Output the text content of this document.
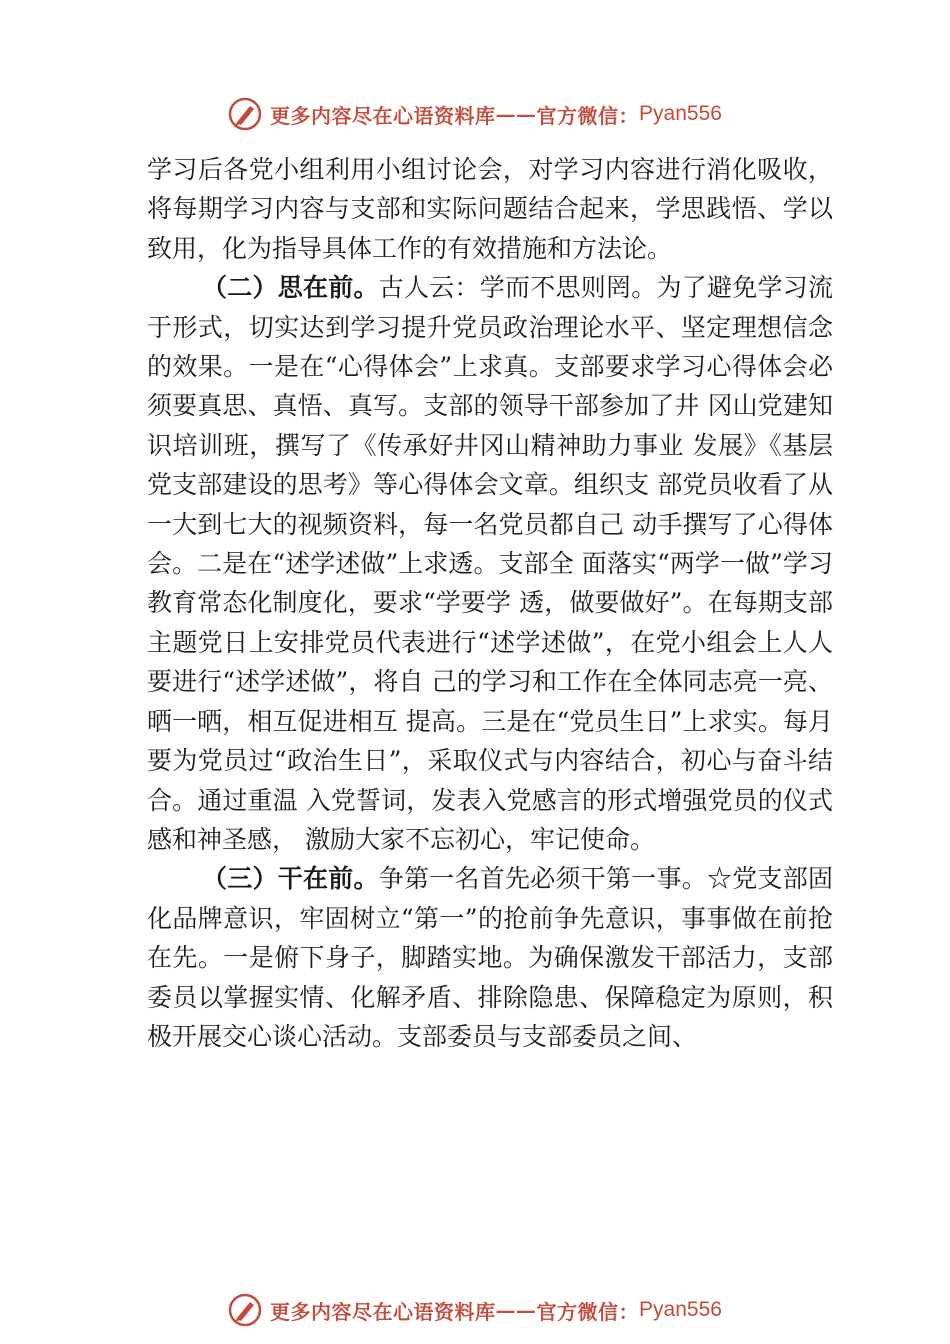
更多内容尽在心语资料库 —— 官方微信： Pyan556

学习后各党小组利用小组讨论会，对学习内容进行消化吸收，将每期学习内容与支部和实际问题结合起来，学思践悟、学以致用，化为指导具体工作的有效措施和方法论。

（二）思在前。古人云：学而不思则罔。为了避免学习流于形式，切实达到学习提升党员政治理论水平、坚定理想信念的效果。一是在“心得体会”上求真。支部要求学习心得体会必须要真思、真悟、真写。支部的领导干部参加了井 冈山党建知识培训班，撰写了《传承好井冈山精神助力事业 发展》《基层党支部建设的思考》等心得体会文章。组织支 部党员收看了从一大到七大的视频资料，每一名党员都自己 动手撰写了心得体会。二是在“述学述做”上求透。支部全 面落实“两学一做”学习教育常态化制度化，要求“学要学 透，做要做好”。在每期支部主题党日上安排党员代表进行“述学述做”，在党小组会上人人要进行“述学述做”，将自 己的学习和工作在全体同志亮一亮、晒一晒，相互促进相互 提高。三是在“党员生日”上求实。每月要为党员过“政治生日”，采取仪式与内容结合，初心与奋斗结合。通过重温 入党誓词，发表入党感言的形式增强党员的仪式感和神圣感， 激励大家不忘初心，牢记使命。

（三）干在前。争第一名首先必须干第一事。☆党支部固化品牌意识，牢固树立“第一”的抢前争先意识，事事做在前抢在先。一是俯下身子，脚踏实地。为确保激发干部活力，支部委员以掌握实情、化解矛盾、排除隐患、保障稳定为原则，积极开展交心谈心活动。支部委员与支部委员之间、

更多内容尽在心语资料库 —— 官方微信： Pyan556
